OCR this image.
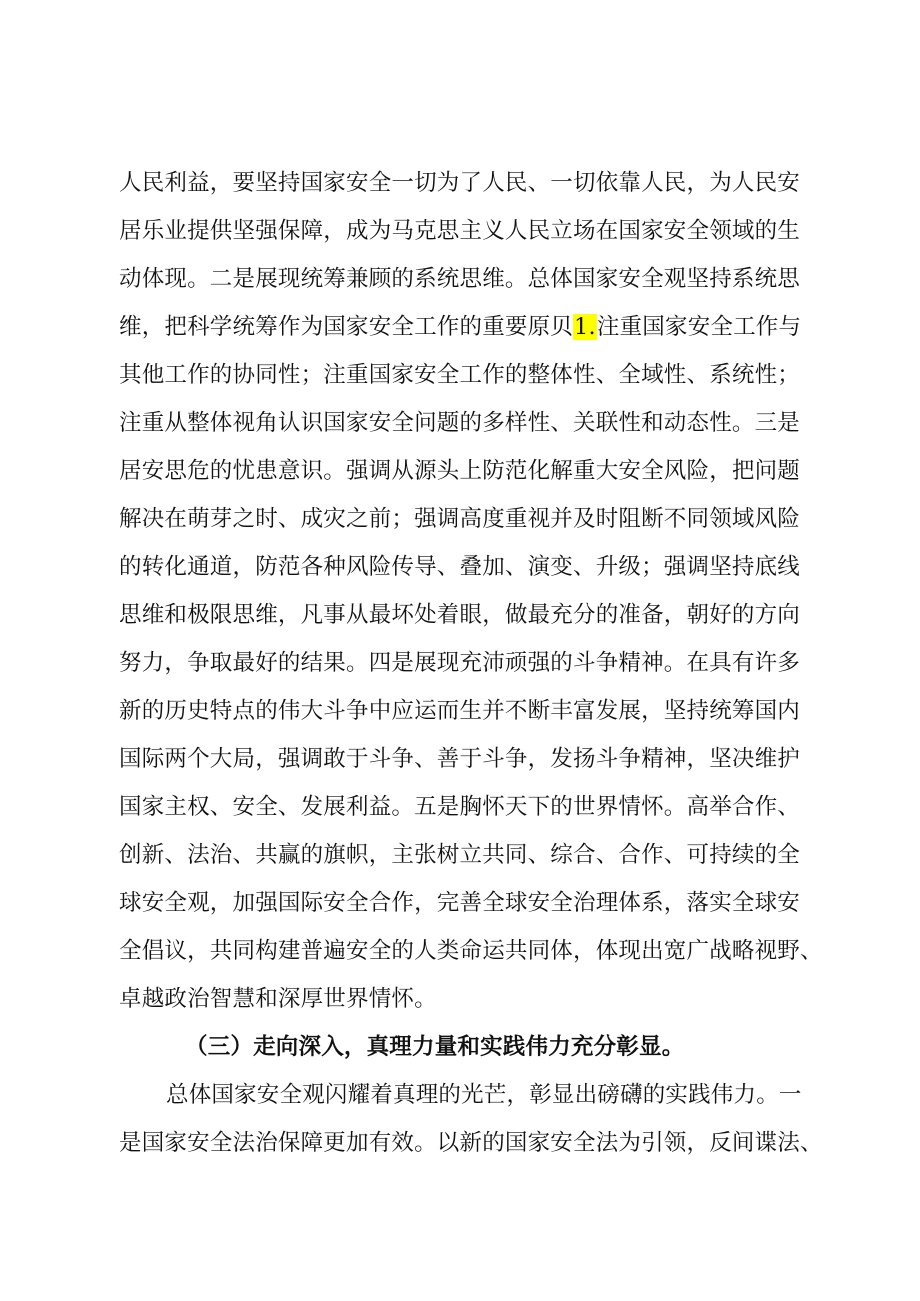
人民利益，要坚持国家安全一切为了人民、一切依靠人民，为人民安
居乐业提供坚强保障，成为马克思主义人民立场在国家安全领域的生
动体现。二是展现统筹兼顾的系统思维。总体国家安全观坚持系统思
维，把科学统筹作为国家安全工作的重要原贝1.注重国家安全工作与
其他工作的协同性；注重国家安全工作的整体性、全域性、系统性；
注重从整体视角认识国家安全问题的多样性、关联性和动态性。三是
居安思危的忧患意识。强调从源头上防范化解重大安全风险，把问题
解决在萌芽之时、成灾之前；强调高度重视并及时阻断不同领域风险
的转化通道，防范各种风险传导、叠加、演变、升级；强调坚持底线
思维和极限思维，凡事从最坏处着眼，做最充分的准备，朝好的方向
努力，争取最好的结果。四是展现充沛顽强的斗争精神。在具有许多
新的历史特点的伟大斗争中应运而生并不断丰富发展，坚持统筹国内
国际两个大局，强调敢于斗争、善于斗争，发扬斗争精神，坚决维护
国家主权、安全、发展利益。五是胸怀天下的世界情怀。高举合作、
创新、法治、共赢的旗帜，主张树立共同、综合、合作、可持续的全
球安全观，加强国际安全合作，完善全球安全治理体系，落实全球安
全倡议，共同构建普遍安全的人类命运共同体，体现出宽广战略视野、
卓越政治智慧和深厚世界情怀。
（三）走向深入，真理力量和实践伟力充分彰显。
总体国家安全观闪耀着真理的光芒，彰显出磅礴的实践伟力。一
是国家安全法治保障更加有效。以新的国家安全法为引领，反间谍法、
